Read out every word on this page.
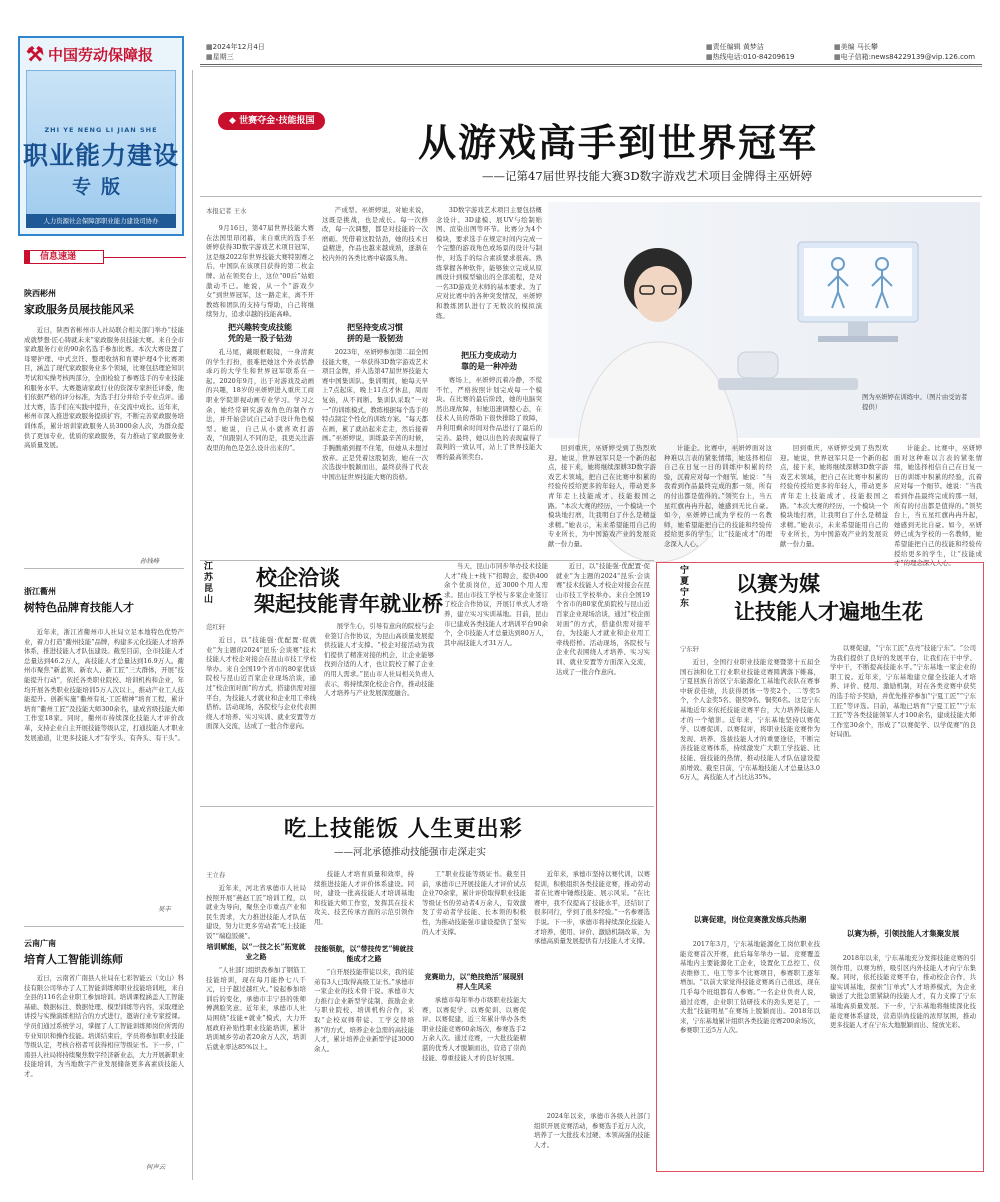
⚒ 中国劳动保障报
ZHI YE NENG LI JIAN SHE
职业能力建设
专版
人力资源社会保障部职业能力建设司协办
▦2024年12月4日
▦星期三
▦责任编辑 黄梦洁
▦热线电话:010-84209619
▦美编 马长攀
▦电子信箱:news84229139@vip.126.com
信息速递
陕西彬州
家政服务员展技能风采

近日，陕西省彬州市人社局联合相关部门举办“技能成就梦想·匠心铸就未来”家政服务员技能大赛。来自全市家政服务行业的90余名选手参加比赛。本次大赛设置了母婴护理、中式烹饪、整理收纳和育婴护理4个比赛项目，涵盖了现代家政服务业多个领域，比赛包括理论知识考试和实操考核两部分，全面检验了参赛选手的专业技能和服务水平。大赛邀请家政行业的资深专家担任评委，他们依据严格的评分标准，为选手打分并给予专业点评。通过大赛，选手们在实践中提升，在交流中成长。近年来，彬州市深入推进家政服务提质扩容，不断完善家政服务培训体系，累计培训家政服务人员3000余人次，为群众提供了更加专业、优质的家政服务，有力推动了家政服务业高质量发展。

孙钱峰
浙江衢州
树特色品牌育技能人才

近年来，浙江省衢州市人社局立足本地特色优势产业，着力打造“衢州技能”品牌，构建多元化技能人才培养体系，推进技能人才队伍建设。截至目前，全市技能人才总量达到46.2万人，高技能人才总量达到16.9万人。衢州市聚焦“新蓝领、新农人、新工匠”三大群体，开展“技能提升行动”，依托各类职业院校、培训机构和企业，年均开展各类职业技能培训5万人次以上，推动产业工人技能提升。创新实施“衢州有礼·工匠精神”培育工程，累计培育“衢州工匠”及技能大师300余名，建成省级技能大师工作室18家。同时，衢州市持续深化技能人才评价改革，支持企业自主开展技能等级认定，打通技能人才职业发展通道，让更多技能人才“有学头、有奔头、有干头”。

吴丰
云南广南
培育人工智能训练师

近日，云南省广南县人社局在七彩智能云（文山）科技有限公司举办了人工智能训练师职业技能培训班，来自全县的116名企业职工参加培训。培训课程涵盖人工智能基础、数据标注、数据处理、模型训练等内容，采取理论讲授与实操演练相结合的方式进行，邀请行业专家授课。学员们通过系统学习，掌握了人工智能训练师岗位所需的专业知识和操作技能。培训结束后，学员将参加职业技能等级认定，考核合格者可获得相应等级证书。下一步，广南县人社局将持续聚焦数字经济新业态，大力开展新职业技能培训，为当地数字产业发展储备更多高素质技能人才。

何声云
◆ 世赛夺金·技能报国	从游戏高手到世界冠军
——记第47届世界技能大赛3D数字游戏艺术项目金牌得主巫妍婷
本报记者 王水

9月16日，第47届世界技能大赛在法国里昂闭幕，来自重庆的选手巫妍婷获得3D数字游戏艺术项目冠军，这是继2022年世界技能大赛特别赛之后，中国队在该项目获得的第二枚金牌。站在领奖台上，这位“00后”姑娘激动不已。她说，从一个“游戏少女”到世界冠军，这一路走来，离不开教练和团队的支持与帮助，自己将继续努力，追求卓越的技能高峰。

把兴趣转变成技能
凭的是一股子钻劲

孔马尾，戴眼框眼镜，一身清爽的学生打扮，很难把她这个外表恬静乖巧的大学生和世界冠军联系在一起。2020年9月，出于对游戏及动画的兴趣，18岁的巫妍婷进入重庆工商职业学院影视动画专业学习。学习之余，她经常研究游戏角色的制作方法，并开始尝试自己动手设计角色模型。她说，自己从小就喜欢打游戏，“但跟别人不同的是，我更关注游戏里的角色是怎么设计出来的”。

产成型。巫妍婷说，对她来说，这既是挑战，也是成长。每一次修改，每一次调整，都是对技能的一次磨砺。凭借着这股钻劲，她的技术日益精进，作品也越来越成熟，逐渐在校内外的各类比赛中崭露头角。

把坚持变成习惯
拼的是一股韧劲

2023年，巫妍婷参加第二届全国技能大赛，一举获得3D数字游戏艺术项目金牌，并入选第47届世界技能大赛中国集训队。集训期间，她每天早上7点起床，晚上11点才休息，周而复始，从不间断。集训队采取“一对一”的训练模式，教练根据每个选手的特点制定个性化的训练方案。“每天都在画，累了就站起来走走，然后接着画。”巫妍婷说，训练最辛苦的时候，手腕酸痛到握不住笔，但她从未想过放弃。正是凭着这股韧劲，她在一次次选拔中脱颖而出，最终获得了代表中国出征世界技能大赛的资格。

3D数字游戏艺术项目主要包括概念设计、3D建模、展UV与绘制贴图、渲染出图等环节。比赛分为4个模块，要求选手在规定时间内完成一个完整的游戏角色或场景的设计与制作，对选手的综合素质要求很高。熟练掌握各种软件，能够独立完成从原画设计到模型输出的全部流程，是对一名3D游戏美术师的基本要求。为了应对比赛中的各种突发情况，巫妍婷和教练团队进行了无数次的模拟演练。

把压力变成动力
靠的是一种冲劲

赛场上，巫妍婷沉着冷静，不慌不忙，严格按照计划完成每一个模块。在比赛的最后阶段，她的电脑突然出现故障，但她迅速调整心态，在技术人员的帮助下很快排除了故障，并利用剩余时间对作品进行了最后的完善。最终，她以出色的表现赢得了裁判的一致认可，站上了世界技能大赛的最高领奖台。

图为巫妍婷在训练中。（图片由受访者提供）

回到重庆，巫妍婷受到了热烈欢迎。她说，世界冠军只是一个新的起点，接下来，她将继续深耕3D数字游戏艺术领域，把自己在比赛中积累的经验传授给更多的年轻人，带动更多青年走上技能成才、技能报国之路。“本次大赛的经历，一个模块一个模块地打磨，让我明白了什么是精益求精。”她表示，未来希望能用自己的专业所长，为中国游戏产业的发展贡献一份力量。

计能企。比赛中，巫妍婷面对这种难以言表的紧张情绪，她选择相信自己在日复一日的训练中积累的经验，沉着应对每一个细节。她说：“当我看到作品最终完成的那一刻，所有的付出都是值得的。”领奖台上，当五星红旗冉冉升起，她感到无比自豪。如今，巫妍婷已成为学校的一名教师，她希望能把自己的技能和经验传授给更多的学生，让“技能成才”的理念深入人心。

回到重庆，巫妍婷受到了热烈欢迎。她说，世界冠军只是一个新的起点，接下来，她将继续深耕3D数字游戏艺术领域，把自己在比赛中积累的经验传授给更多的年轻人，带动更多青年走上技能成才、技能报国之路。“本次大赛的经历，一个模块一个模块地打磨，让我明白了什么是精益求精。”她表示，未来希望能用自己的专业所长，为中国游戏产业的发展贡献一份力量。

计能企。比赛中，巫妍婷面对这种难以言表的紧张情绪，她选择相信自己在日复一日的训练中积累的经验，沉着应对每一个细节。她说：“当我看到作品最终完成的那一刻，所有的付出都是值得的。”领奖台上，当五星红旗冉冉升起，她感到无比自豪。如今，巫妍婷已成为学校的一名教师，她希望能把自己的技能和经验传授给更多的学生，让“技能成才”的理念深入人心。

江苏昆山
校企洽谈
架起技能青年就业桥
范红轩

近日，以“技能强·优配置·促就业”为主题的2024“昆乐·会谈赛”技术技能人才校企对接会在昆山市技工学校举办。来自全国19个省市的80家优质院校与昆山近百家企业现场洽谈，通过“校企面对面”的方式，搭建供需对接平台，为技能人才就业和企业用工牵线搭桥。活动现场，各院校与企业代表围绕人才培养、实习实训、就业安置等方面深入交流，达成了一批合作意向。

展学生心，引导有意向的院校与企业签订合作协议，为昆山高质量发展提供技能人才支撑。“校企对接活动为我们提供了精准对接的机会，让企业能够找到合适的人才，也让院校了解了企业的用人需求。”昆山市人社局相关负责人表示，将持续深化校企合作，推动技能人才培养与产业发展深度融合。

当天，昆山市同步举办技术技能人才“线上+线下”招聘会，提供400余个优质岗位，近3000个用人需求。昆山市技工学校与多家企业签订了校企合作协议，开展订单式人才培养，建立实习实训基地。目前，昆山市已建成各类技能人才培训平台90余个，全市技能人才总量达到80万人，其中高技能人才31万人。

近日，以“技能强·优配置·促就业”为主题的2024“昆乐·会谈赛”技术技能人才校企对接会在昆山市技工学校举办。来自全国19个省市的80家优质院校与昆山近百家企业现场洽谈，通过“校企面对面”的方式，搭建供需对接平台，为技能人才就业和企业用工牵线搭桥。活动现场，各院校与企业代表围绕人才培养、实习实训、就业安置等方面深入交流，达成了一批合作意向。

吃上技能饭 人生更出彩
——河北承德推动技能强市走深走实
王立春

近年来，河北省承德市人社局按照开展“燕赵工匠”培训工程，以就业为导向，聚焦全市重点产业和民生需求，大力推进技能人才队伍建设，努力让更多劳动者“吃上技能饭”“端稳饭碗”。

培训赋能，以“一技之长”拓宽就业之路

“人社部门组织我参加了钢筋工技能培训，现在每月能挣七八千元，日子越过越红火。”说起参加培训后的变化，承德市丰宁县的张师傅满脸笑意。近年来，承德市人社局围绕“技能+就业”模式，大力开展政府补贴性职业技能培训，累计培训城乡劳动者20余万人次，培训后就业率达85%以上。

技能人才培育质量和效率，持续推进技能人才评价体系建设。同时，建设一批高技能人才培训基地和技能大师工作室，发挥其在技术攻关、技艺传承方面的示范引领作用。

技能领航，以“带技传艺”铸就技能成才之路

“自开展技能带徒以来，我的徒弟有3人已取得高级工证书。”承德市一家企业的技术骨干说。承德市大力推行企业新型学徒制，鼓励企业与职业院校、培训机构合作，采取“企校双师带徒、工学交替培养”的方式，培养企业急需的高技能人才，累计培养企业新型学徒3000余人。

工”职业技能等级证书。截至目前，承德市已开展技能人才评价试点企业70余家，累计评价取得职业技能等级证书的劳动者4万余人，有效激发了劳动者学技能、长本领的积极性，为推动技能强市建设提供了坚实的人才支撑。

竞赛助力，以“绝技绝活”展现别样人生风采

承德市每年举办市级职业技能大赛，以赛促学、以赛促训、以赛促评、以赛促建，近三年累计举办各类职业技能竞赛60余场次，参赛选手2万余人次。通过竞赛，一大批技能精湛的优秀人才脱颖而出，营造了崇尚技能、尊重技能人才的良好氛围。

近年来，承德市坚持以赛代训，以赛促训，积极组织各类技能竞赛，推动劳动者在比赛中锤炼技能、展示风采。“在比赛中，我不仅提高了技能水平，还结识了很多同行，学到了很多经验。”一名参赛选手说。下一步，承德市将持续深化技能人才培养、使用、评价、激励机制改革，为承德高质量发展提供有力技能人才支撑。

2024年以来，承德市各级人社部门组织开展竞赛活动，参赛选手近万人次，培养了一大批技术过硬、本领高强的技能人才。

宁夏宁东
以赛为媒
让技能人才遍地生花
宁东轩

近日，全国行业职业技能竞赛暨第十五届全国石油和化工行业职业技能竞赛圆满落下帷幕，宁夏回族自治区宁东能源化工基地代表队在赛事中斩获佳绩，共获得团体一等奖2个、二等奖5个，个人金奖5名、银奖9名、铜奖6名。这是宁东基地近年来依托技能竞赛平台，大力培养技能人才的一个缩影。近年来，宁东基地坚持以赛促学、以赛促训、以赛促评，将职业技能竞赛作为发现、培养、选拔技能人才的重要途径，不断完善技能竞赛体系，持续激发广大职工学技能、比技能、强技能的热情，推动技能人才队伍建设提质增效。截至目前，宁东基地技能人才总量达3.06万人，高技能人才占比达35%。

以赛促建，岗位竞赛激发练兵热潮

2017年3月，宁东基地能源化工岗位职业技能竞赛首次开赛，此后每年举办一届。竞赛覆盖基地内主要能源化工企业，设置化工总控工、仪表维修工、电工等多个比赛项目，参赛职工逐年增加。“以前大家觉得技能竞赛离自己很远，现在几乎每个班组都有人参赛。”一名企业负责人说，通过竞赛，企业职工钻研技术的劲头更足了，一大批“技能明星”在赛场上脱颖而出。2018年以来，宁东基地累计组织各类技能竞赛200余场次，参赛职工近5万人次。

以赛促建，“宁东工匠”点亮“技能宁东”。“公司为我们提供了良好的发展平台，让我们在干中学、学中干，不断提高技能水平。”宁东基地一家企业的职工说。近年来，宁东基地建立健全技能人才培养、评价、使用、激励机制，对在各类竞赛中获奖的选手给予奖励，并优先推荐参加“宁夏工匠”“宁东工匠”等评选。目前，基地已培育“宁夏工匠”“宁东工匠”等各类技能领军人才100余名，建成技能大师工作室30余个，形成了“以赛促学、以学促赛”的良好局面。

以赛为桥，引领技能人才集聚发展

2018年以来，宁东基地充分发挥技能竞赛的引领作用，以赛为桥，吸引区内外技能人才向宁东集聚。同时，依托技能竞赛平台，推动校企合作，共建实训基地，探索“订单式”人才培养模式，为企业输送了大批急需紧缺的技能人才，有力支撑了宁东基地高质量发展。下一步，宁东基地将继续深化技能竞赛体系建设，营造崇尚技能的浓厚氛围，推动更多技能人才在宁东大地脱颖而出、绽放光彩。
